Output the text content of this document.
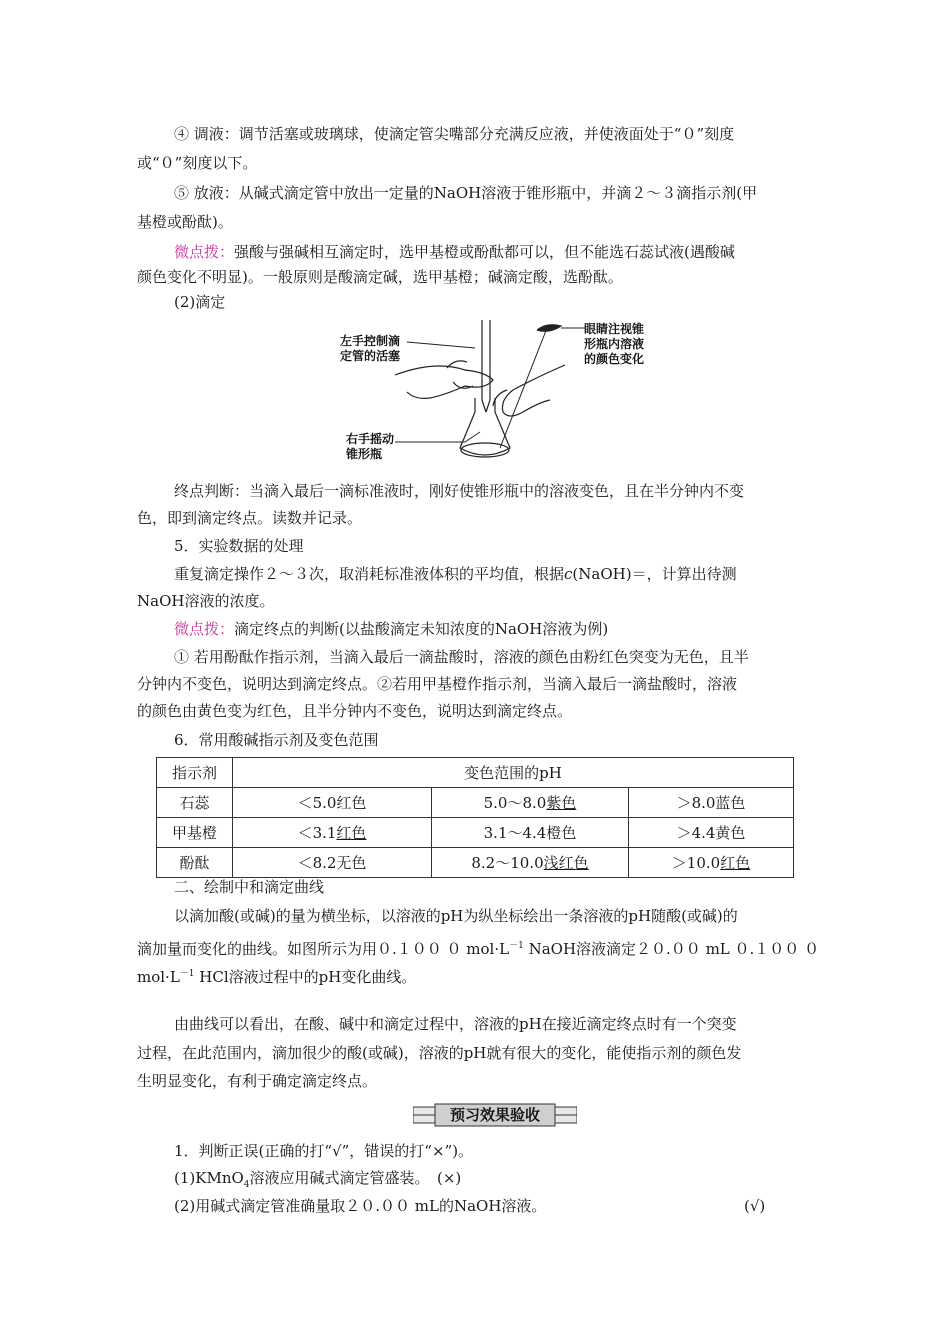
④ 调液：调节活塞或玻璃球，使滴定管尖嘴部分充满反应液，并使液面处于“０”刻度
或“０”刻度以下。
⑤ 放液：从碱式滴定管中放出一定量的NaOH溶液于锥形瓶中，并滴２～３滴指示剂(甲
基橙或酚酞)。
微点拨：强酸与强碱相互滴定时，选甲基橙或酚酞都可以，但不能选石蕊试液(遇酸碱
颜色变化不明显)。一般原则是酸滴定碱，选甲基橙；碱滴定酸，选酚酞。
(2)滴定
左手控制滴
定管的活塞
眼睛注视锥
形瓶内溶液
的颜色变化
右手摇动
锥形瓶
终点判断：当滴入最后一滴标准液时，刚好使锥形瓶中的溶液变色，且在半分钟内不变
色，即到滴定终点。读数并记录。
5．实验数据的处理
重复滴定操作２～３次，取消耗标准液体积的平均值，根据c(NaOH)＝，计算出待测
NaOH溶液的浓度。
微点拨：滴定终点的判断(以盐酸滴定未知浓度的NaOH溶液为例)
① 若用酚酞作指示剂，当滴入最后一滴盐酸时，溶液的颜色由粉红色突变为无色，且半
分钟内不变色，说明达到滴定终点。②若用甲基橙作指示剂，当滴入最后一滴盐酸时，溶液
的颜色由黄色变为红色，且半分钟内不变色，说明达到滴定终点。
6．常用酸碱指示剂及变色范围
指示剂	变色范围的pH		
石蕊	＜5.0红色	5.0～8.0紫色	＞8.0蓝色
甲基橙	＜3.1红色	3.1～4.4橙色	＞4.4黄色
酚酞	＜8.2无色	8.2～10.0浅红色	＞10.0红色
二、绘制中和滴定曲线
以滴加酸(或碱)的量为横坐标，以溶液的pH为纵坐标绘出一条溶液的pH随酸(或碱)的
滴加量而变化的曲线。如图所示为用０.１００ ０ $mol\cdot L^{-1}$ NaOH溶液滴定２０.００ mL ０.１００ ０
$mol\cdot L^{-1}$ HCl溶液过程中的pH变化曲线。
由曲线可以看出，在酸、碱中和滴定过程中，溶液的pH在接近滴定终点时有一个突变
过程，在此范围内，滴加很少的酸(或碱)，溶液的pH就有很大的变化，能使指示剂的颜色发
生明显变化，有利于确定滴定终点。
预习效果验收
1．判断正误(正确的打“√”，错误的打“×”)。
(1)KMnO$_4$溶液应用碱式滴定管盛装。　(×)
(2)用碱式滴定管准确量取２０.００ mL的NaOH溶液。	(√)
